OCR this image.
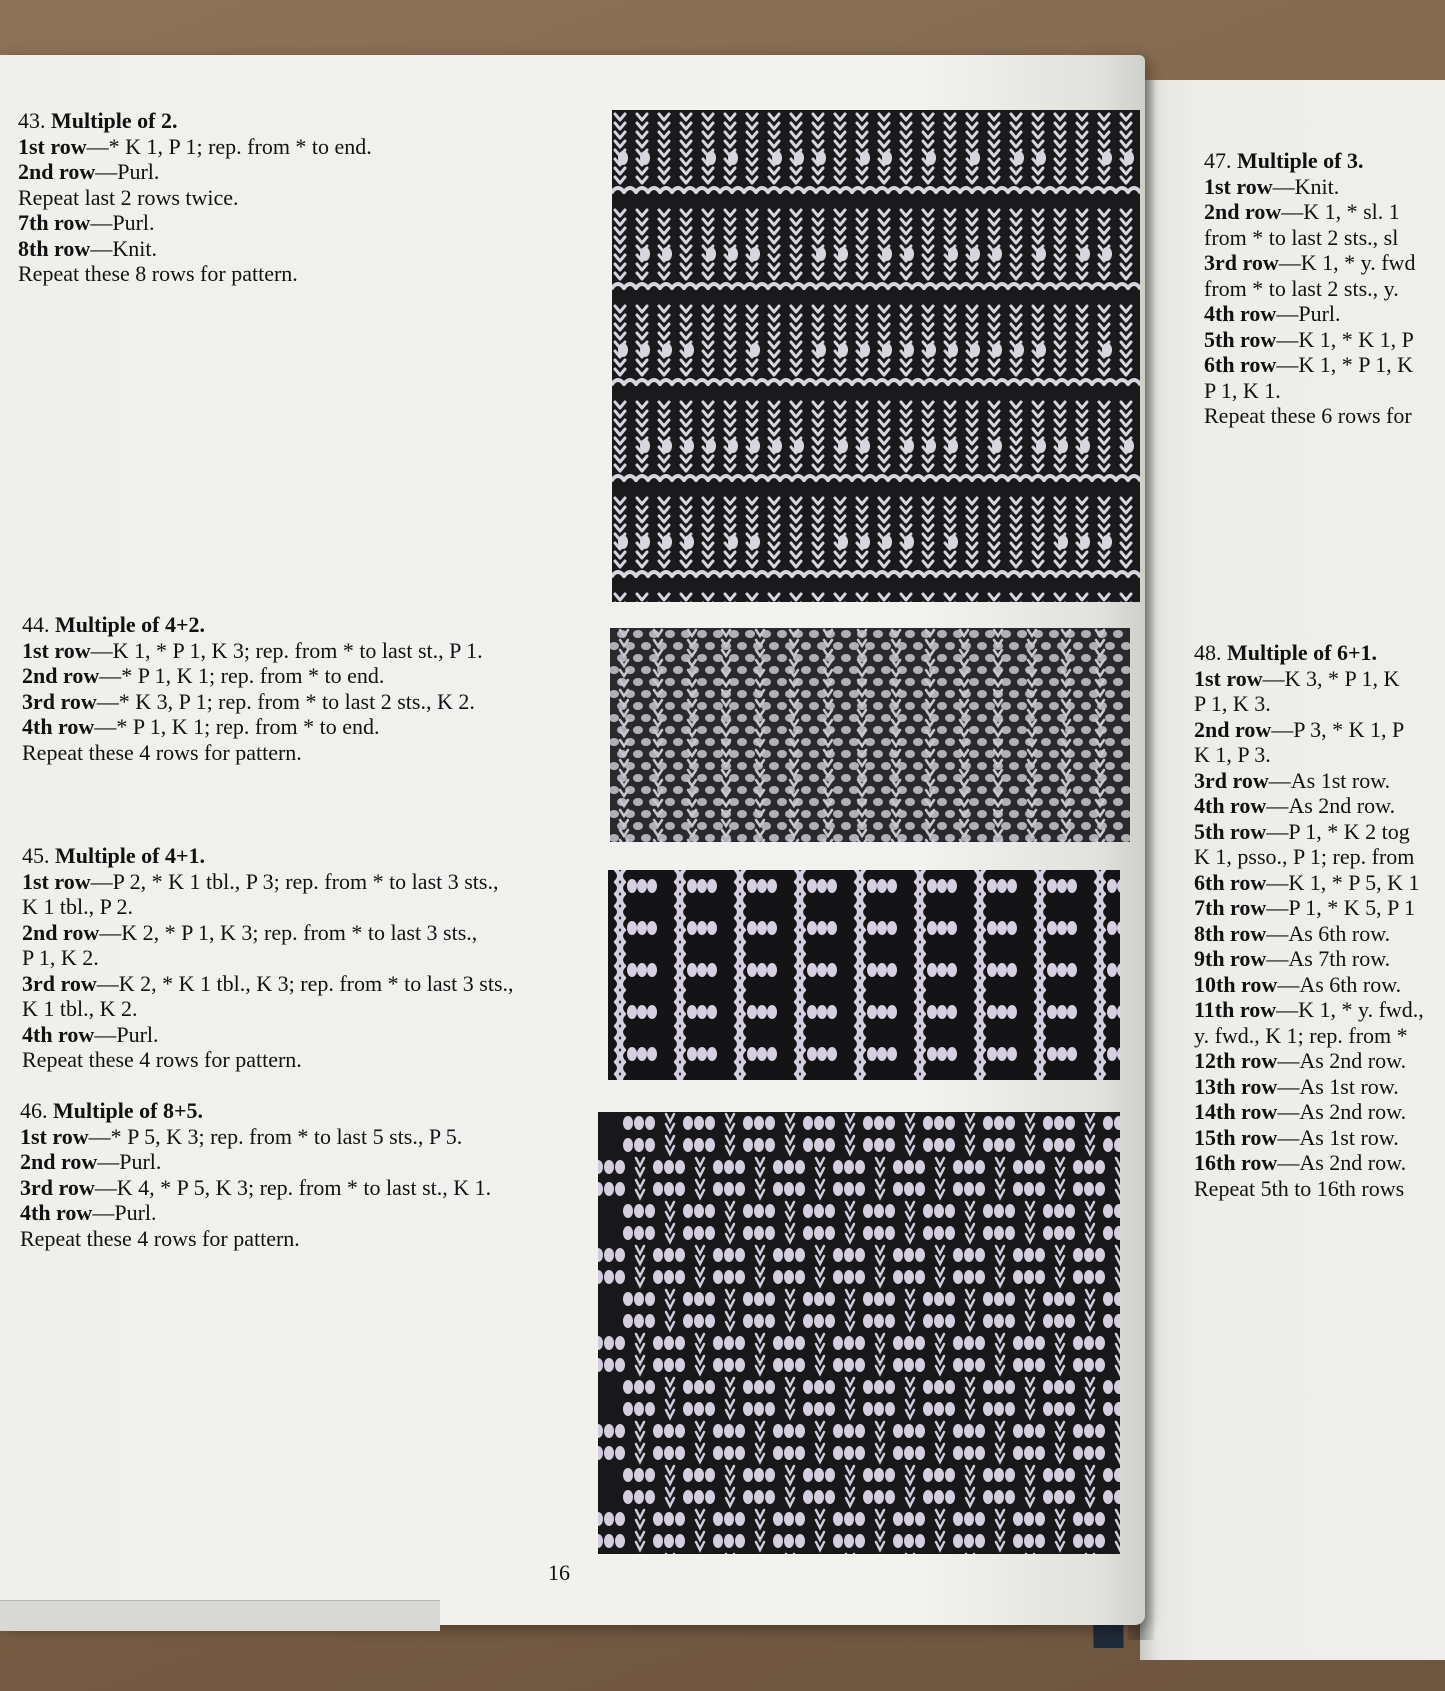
43. Multiple of 2.
1st row—* K 1, P 1; rep. from * to end.
2nd row—Purl.
Repeat last 2 rows twice.
7th row—Purl.
8th row—Knit.
Repeat these 8 rows for pattern.
44. Multiple of 4+2.
1st row—K 1, * P 1, K 3; rep. from * to last st., P 1.
2nd row—* P 1, K 1; rep. from * to end.
3rd row—* K 3, P 1; rep. from * to last 2 sts., K 2.
4th row—* P 1, K 1; rep. from * to end.
Repeat these 4 rows for pattern.
45. Multiple of 4+1.
1st row—P 2, * K 1 tbl., P 3; rep. from * to last 3 sts.,
K 1 tbl., P 2.
2nd row—K 2, * P 1, K 3; rep. from * to last 3 sts.,
P 1, K 2.
3rd row—K 2, * K 1 tbl., K 3; rep. from * to last 3 sts.,
K 1 tbl., K 2.
4th row—Purl.
Repeat these 4 rows for pattern.
46. Multiple of 8+5.
1st row—* P 5, K 3; rep. from * to last 5 sts., P 5.
2nd row—Purl.
3rd row—K 4, * P 5, K 3; rep. from * to last st., K 1.
4th row—Purl.
Repeat these 4 rows for pattern.
47. Multiple of 3.
1st row—Knit.
2nd row—K 1, * sl. 1
from * to last 2 sts., sl
3rd row—K 1, * y. fwd
from * to last 2 sts., y.
4th row—Purl.
5th row—K 1, * K 1, P
6th row—K 1, * P 1, K
P 1, K 1.
Repeat these 6 rows for
48. Multiple of 6+1.
1st row—K 3, * P 1, K
P 1, K 3.
2nd row—P 3, * K 1, P
K 1, P 3.
3rd row—As 1st row.
4th row—As 2nd row.
5th row—P 1, * K 2 tog
K 1, psso., P 1; rep. from
6th row—K 1, * P 5, K 1
7th row—P 1, * K 5, P 1
8th row—As 6th row.
9th row—As 7th row.
10th row—As 6th row.
11th row—K 1, * y. fwd.,
y. fwd., K 1; rep. from *
12th row—As 2nd row.
13th row—As 1st row.
14th row—As 2nd row.
15th row—As 1st row.
16th row—As 2nd row.
Repeat 5th to 16th rows
16
